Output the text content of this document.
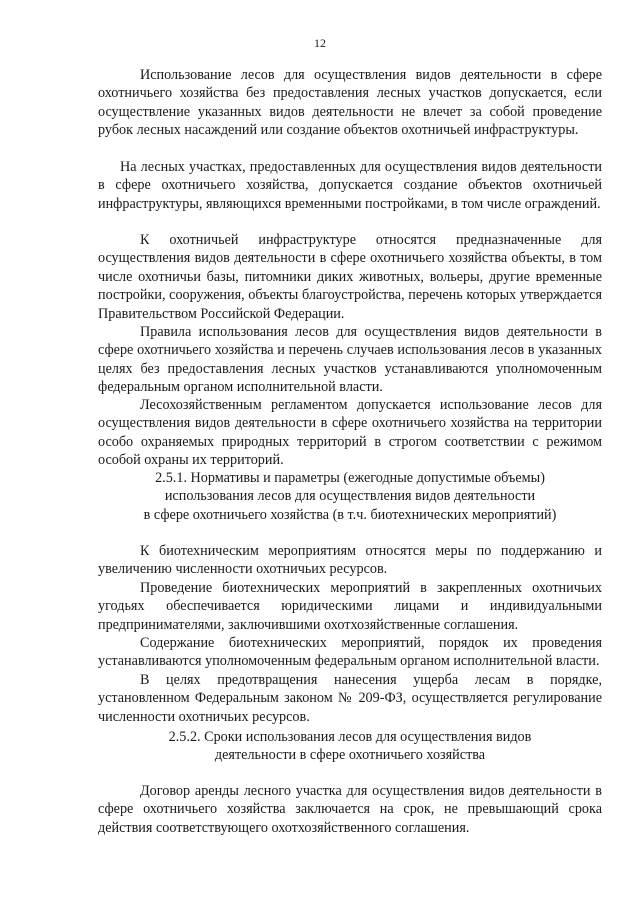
12

Использование лесов для осуществления видов деятельности в сфере охотничьего хозяйства без предоставления лесных участков допускается, если осуществление указанных видов деятельности не влечет за собой проведение рубок лесных насаждений или создание объектов охотничьей инфраструктуры.

На лесных участках, предоставленных для осуществления видов деятельности в сфере охотничьего хозяйства, допускается создание объектов охотничьей инфраструктуры, являющихся временными постройками, в том числе ограждений.

К охотничьей инфраструктуре относятся предназначенные для осуществления видов деятельности в сфере охотничьего хозяйства объекты, в том числе охотничьи базы, питомники диких животных, вольеры, другие временные постройки, сооружения, объекты благоустройства, перечень которых утверждается Правительством Российской Федерации.

Правила использования лесов для осуществления видов деятельности в сфере охотничьего хозяйства и перечень случаев использования лесов в указанных целях без предоставления лесных участков устанавливаются уполномоченным федеральным органом исполнительной власти.

Лесохозяйственным регламентом допускается использование лесов для осуществления видов деятельности в сфере охотничьего хозяйства на территории особо охраняемых природных территорий в строгом соответствии с режимом особой охраны их территорий.

2.5.1. Нормативы и параметры (ежегодные допустимые объемы)
использования лесов для осуществления видов деятельности
в сфере охотничьего хозяйства (в т.ч. биотехнических мероприятий)

К биотехническим мероприятиям относятся меры по поддержанию и увеличению численности охотничьих ресурсов.

Проведение биотехнических мероприятий в закрепленных охотничьих угодьях обеспечивается юридическими лицами и индивидуальными предпринимателями, заключившими охотхозяйственные соглашения.

Содержание биотехнических мероприятий, порядок их проведения устанавливаются уполномоченным федеральным органом исполнительной власти.

В целях предотвращения нанесения ущерба лесам в порядке, установленном Федеральным законом № 209-ФЗ, осуществляется регулирование численности охотничьих ресурсов.

2.5.2. Сроки использования лесов для осуществления видов
деятельности в сфере охотничьего хозяйства

Договор аренды лесного участка для осуществления видов деятельности в сфере охотничьего хозяйства заключается на срок, не превышающий срока действия соответствующего охотхозяйственного соглашения.
